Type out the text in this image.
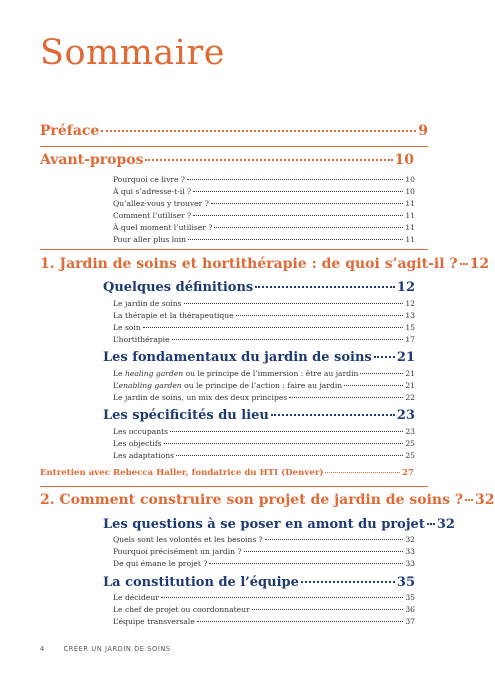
Sommaire
Préface	9
Avant-propos	10
Pourquoi ce livre ?	10
À qui s’adresse-t-il ?	10
Qu’allez-vous y trouver ?	11
Comment l’utiliser ?	11
À quel moment l’utiliser ?	11
Pour aller plus loin	11
1. Jardin de soins et hortithérapie : de quoi s’agit-il ? 12
Quelques définitions	12
Le jardin de soins	12
La thérapie et la thérapeutique	13
Le soin	15
L’hortithérapie	17
Les fondamentaux du jardin de soins 21
Le healing garden ou le principe de l’immersion : être au jardin	21
L’enabling garden ou le principe de l’action : faire au jardin	21
Le jardin de soins, un mix des deux principes	22
Les spécificités du lieu	23
Les occupants	23
Les objectifs	25
Les adaptations	25
Entretien avec Rebecca Haller, fondatrice du HTI (Denver)	27
2. Comment construire son projet de jardin de soins ? 32
Les questions à se poser en amont du projet 32
Quels sont les volontés et les besoins ?	32
Pourquoi précisément un jardin ?	33
De qui émane le projet ?	33
La constitution de l’équipe	35
Le décideur	35
Le chef de projet ou coordonnateur	36
L’équipe transversale	37
4	CRÉER UN JARDIN DE SOINS
